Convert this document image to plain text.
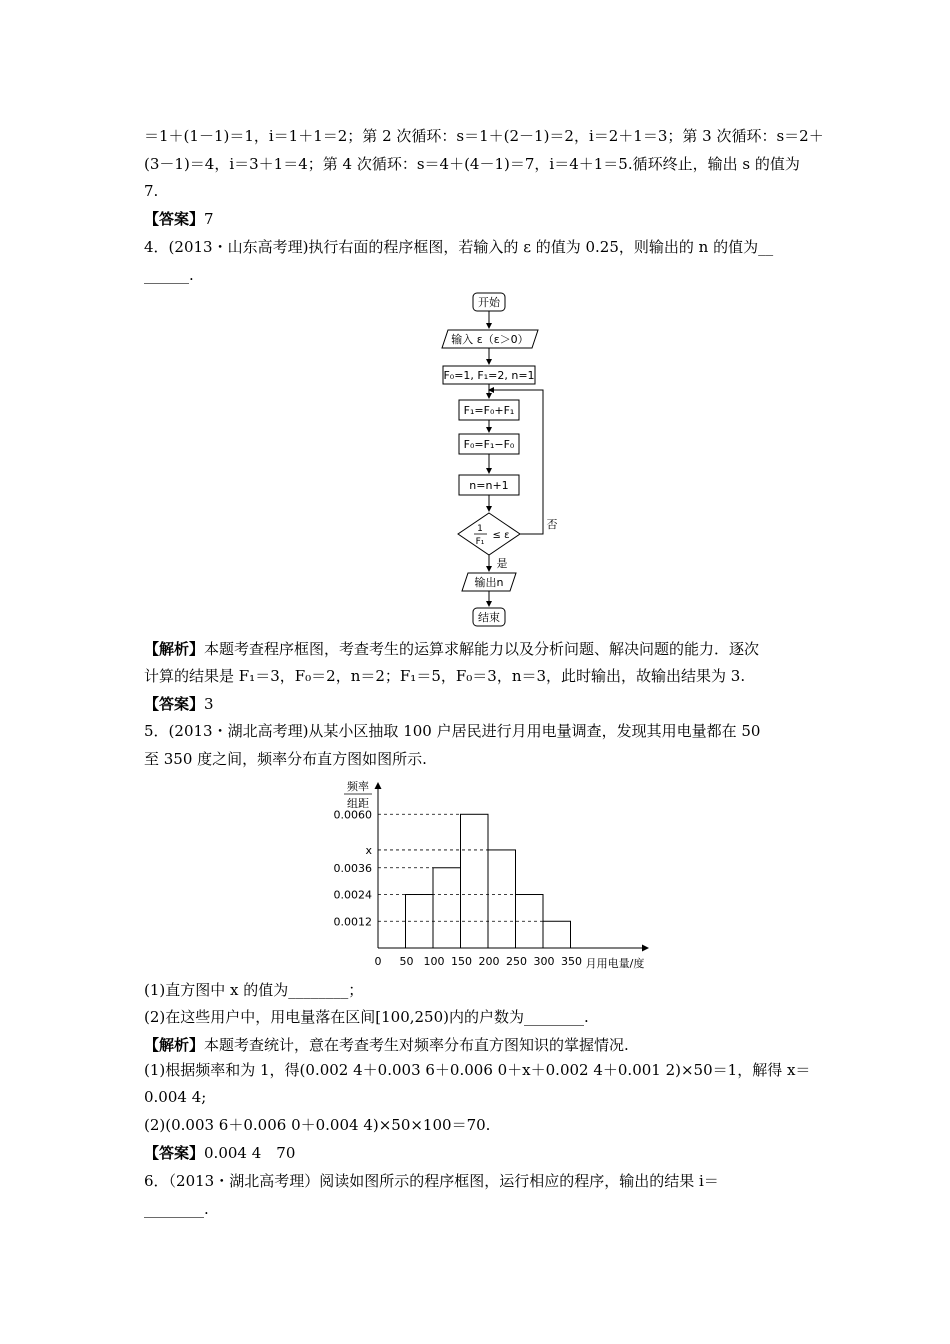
＝1＋(1－1)＝1，i＝1＋1＝2；第 2 次循环：s＝1＋(2－1)＝2，i＝2＋1＝3；第 3 次循环：s＝2＋
(3－1)＝4，i＝3＋1＝4；第 4 次循环：s＝4＋(4－1)＝7，i＝4＋1＝5.循环终止，输出 s 的值为
7.
【答案】7
4．(2013・山东高考理)执行右面的程序框图，若输入的 ε 的值为 0.25，则输出的 n 的值为__
______.
开始
输入 ε（ε＞0）
F₀=1, F₁=2, n=1
F₁=F₀+F₁
F₀=F₁−F₀
n=n+1
1
F₁
≤ ε
否
是
输出n
结束
【解析】本题考查程序框图，考查考生的运算求解能力以及分析问题、解决问题的能力．逐次
计算的结果是 F₁＝3，F₀＝2，n＝2；F₁＝5，F₀＝3，n＝3，此时输出，故输出结果为 3.
【答案】3
5．(2013・湖北高考理)从某小区抽取 100 户居民进行月用电量调查，发现其用电量都在 50
至 350 度之间，频率分布直方图如图所示.
频率
组距
0.0012
0.0024
0.0036
x
0.0060
0 50 100 150 200 250 300 350 月用电量/度
(1)直方图中 x 的值为________；
(2)在这些用户中，用电量落在区间[100,250)内的户数为________.
【解析】本题考查统计，意在考查考生对频率分布直方图知识的掌握情况.
(1)根据频率和为 1，得(0.002 4＋0.003 6＋0.006 0＋x＋0.002 4＋0.001 2)×50＝1，解得 x＝
0.004 4;
(2)(0.003 6＋0.006 0＋0.004 4)×50×100＝70.
【答案】0.004 4　70
6．（2013・湖北高考理）阅读如图所示的程序框图，运行相应的程序，输出的结果 i＝
________.
